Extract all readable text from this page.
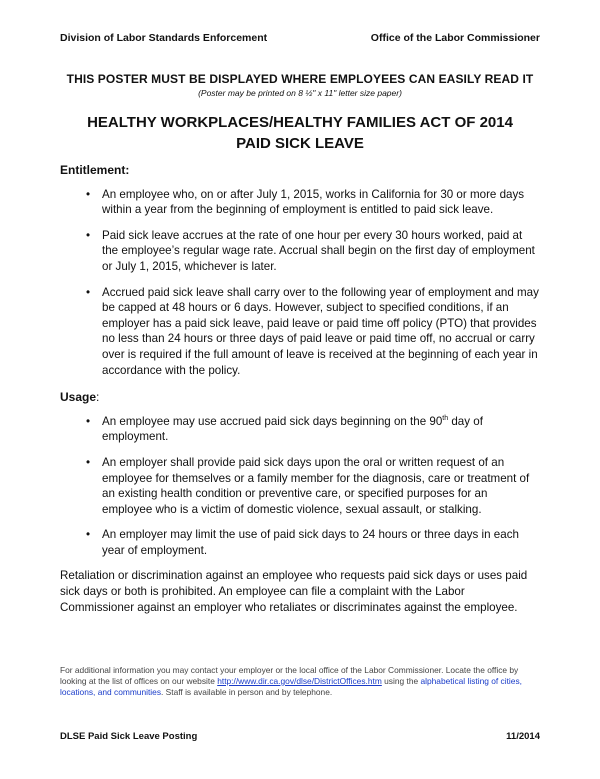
Division of Labor Standards Enforcement	Office of the Labor Commissioner
THIS POSTER MUST BE DISPLAYED WHERE EMPLOYEES CAN EASILY READ IT
(Poster may be printed on 8 ½" x 11" letter size paper)
HEALTHY WORKPLACES/HEALTHY FAMILIES ACT OF 2014
PAID SICK LEAVE
Entitlement:
• An employee who, on or after July 1, 2015, works in California for 30 or more days within a year from the beginning of employment is entitled to paid sick leave.
• Paid sick leave accrues at the rate of one hour per every 30 hours worked, paid at the employee’s regular wage rate. Accrual shall begin on the first day of employment or July 1, 2015, whichever is later.
• Accrued paid sick leave shall carry over to the following year of employment and may be capped at 48 hours or 6 days. However, subject to specified conditions, if an employer has a paid sick leave, paid leave or paid time off policy (PTO) that provides no less than 24 hours or three days of paid leave or paid time off, no accrual or carry over is required if the full amount of leave is received at the beginning of each year in accordance with the policy.
Usage:
• An employee may use accrued paid sick days beginning on the 90th day of employment.
• An employer shall provide paid sick days upon the oral or written request of an employee for themselves or a family member for the diagnosis, care or treatment of an existing health condition or preventive care, or specified purposes for an employee who is a victim of domestic violence, sexual assault, or stalking.
• An employer may limit the use of paid sick days to 24 hours or three days in each year of employment.
Retaliation or discrimination against an employee who requests paid sick days or uses paid sick days or both is prohibited. An employee can file a complaint with the Labor Commissioner against an employer who retaliates or discriminates against the employee.
For additional information you may contact your employer or the local office of the Labor Commissioner. Locate the office by looking at the list of offices on our website http://www.dir.ca.gov/dlse/DistrictOffices.htm using the alphabetical listing of cities, locations, and communities. Staff is available in person and by telephone.
DLSE Paid Sick Leave Posting	11/2014
